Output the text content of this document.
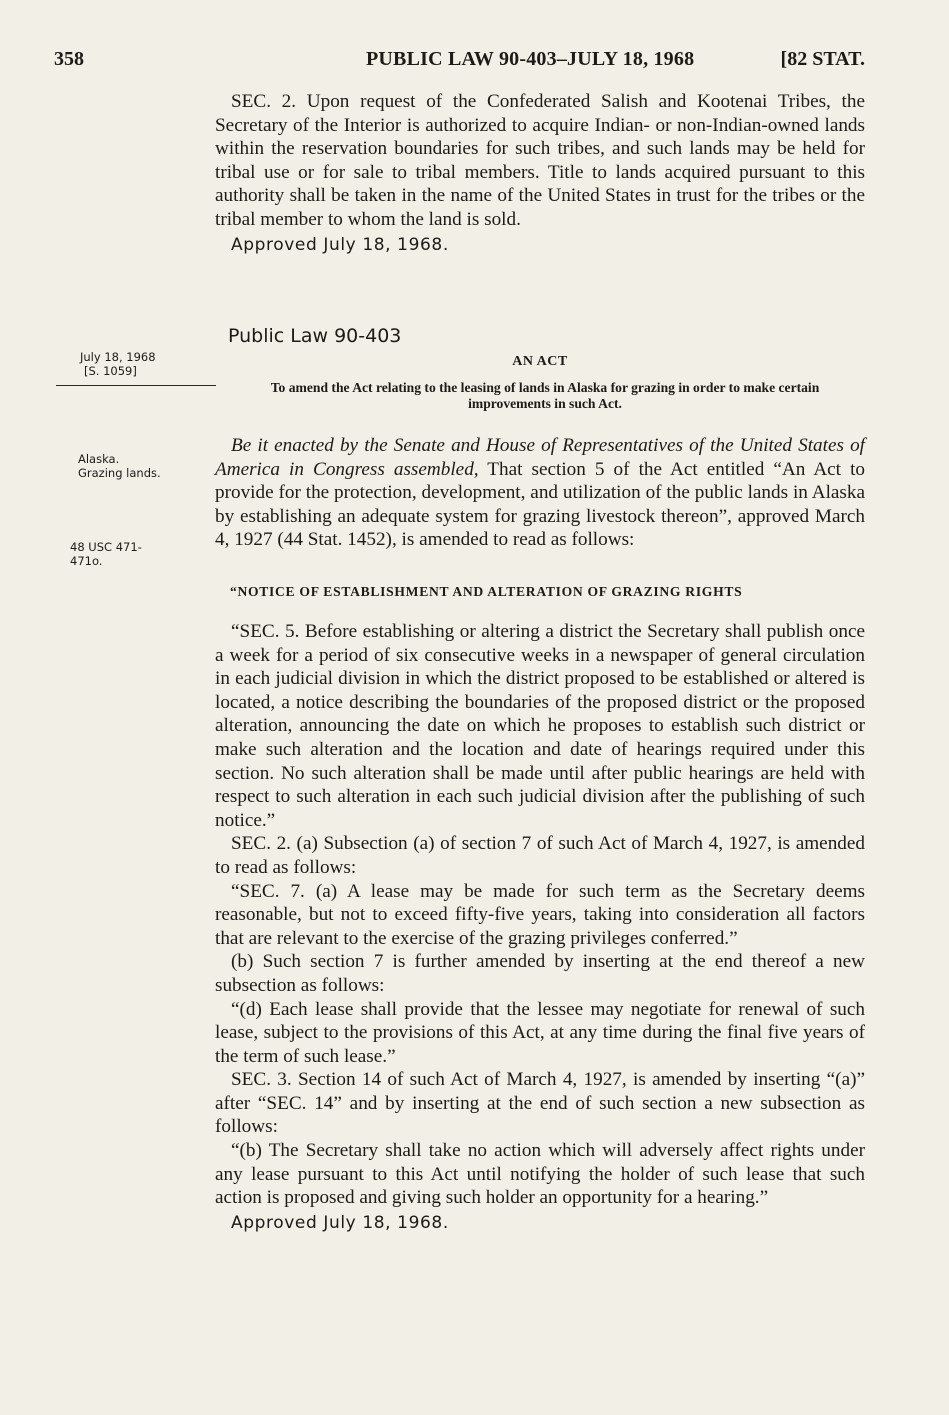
358	PUBLIC LAW 90-403–JULY 18, 1968	[82 STAT.

SEC. 2. Upon request of the Confederated Salish and Kootenai Tribes, the Secretary of the Interior is authorized to acquire Indian- or non-Indian-owned lands within the reservation boundaries for such tribes, and such lands may be held for tribal use or for sale to tribal members. Title to lands acquired pursuant to this authority shall be taken in the name of the United States in trust for the tribes or the tribal member to whom the land is sold.

Approved July 18, 1968.

Public Law 90-403
AN ACT
To amend the Act relating to the leasing of lands in Alaska for grazing in order to make certain improvements in such Act.
July 18, 1968
[S. 1059]
Alaska.
Grazing lands.
48 USC 471-
471o.

Be it enacted by the Senate and House of Representatives of the United States of America in Congress assembled, That section 5 of the Act entitled “An Act to provide for the protection, development, and utilization of the public lands in Alaska by establishing an adequate system for grazing livestock thereon”, approved March 4, 1927 (44 Stat. 1452), is amended to read as follows:

“NOTICE OF ESTABLISHMENT AND ALTERATION OF GRAZING RIGHTS

“SEC. 5. Before establishing or altering a district the Secretary shall publish once a week for a period of six consecutive weeks in a newspaper of general circulation in each judicial division in which the district proposed to be established or altered is located, a notice describing the boundaries of the proposed district or the proposed alteration, announcing the date on which he proposes to establish such district or make such alteration and the location and date of hearings required under this section. No such alteration shall be made until after public hearings are held with respect to such alteration in each such judicial division after the publishing of such notice.”

SEC. 2. (a) Subsection (a) of section 7 of such Act of March 4, 1927, is amended to read as follows:

“SEC. 7. (a) A lease may be made for such term as the Secretary deems reasonable, but not to exceed fifty-five years, taking into consideration all factors that are relevant to the exercise of the grazing privileges conferred.”

(b) Such section 7 is further amended by inserting at the end thereof a new subsection as follows:

“(d) Each lease shall provide that the lessee may negotiate for renewal of such lease, subject to the provisions of this Act, at any time during the final five years of the term of such lease.”

SEC. 3. Section 14 of such Act of March 4, 1927, is amended by inserting “(a)” after “SEC. 14” and by inserting at the end of such section a new subsection as follows:

“(b) The Secretary shall take no action which will adversely affect rights under any lease pursuant to this Act until notifying the holder of such lease that such action is proposed and giving such holder an opportunity for a hearing.”

Approved July 18, 1968.
